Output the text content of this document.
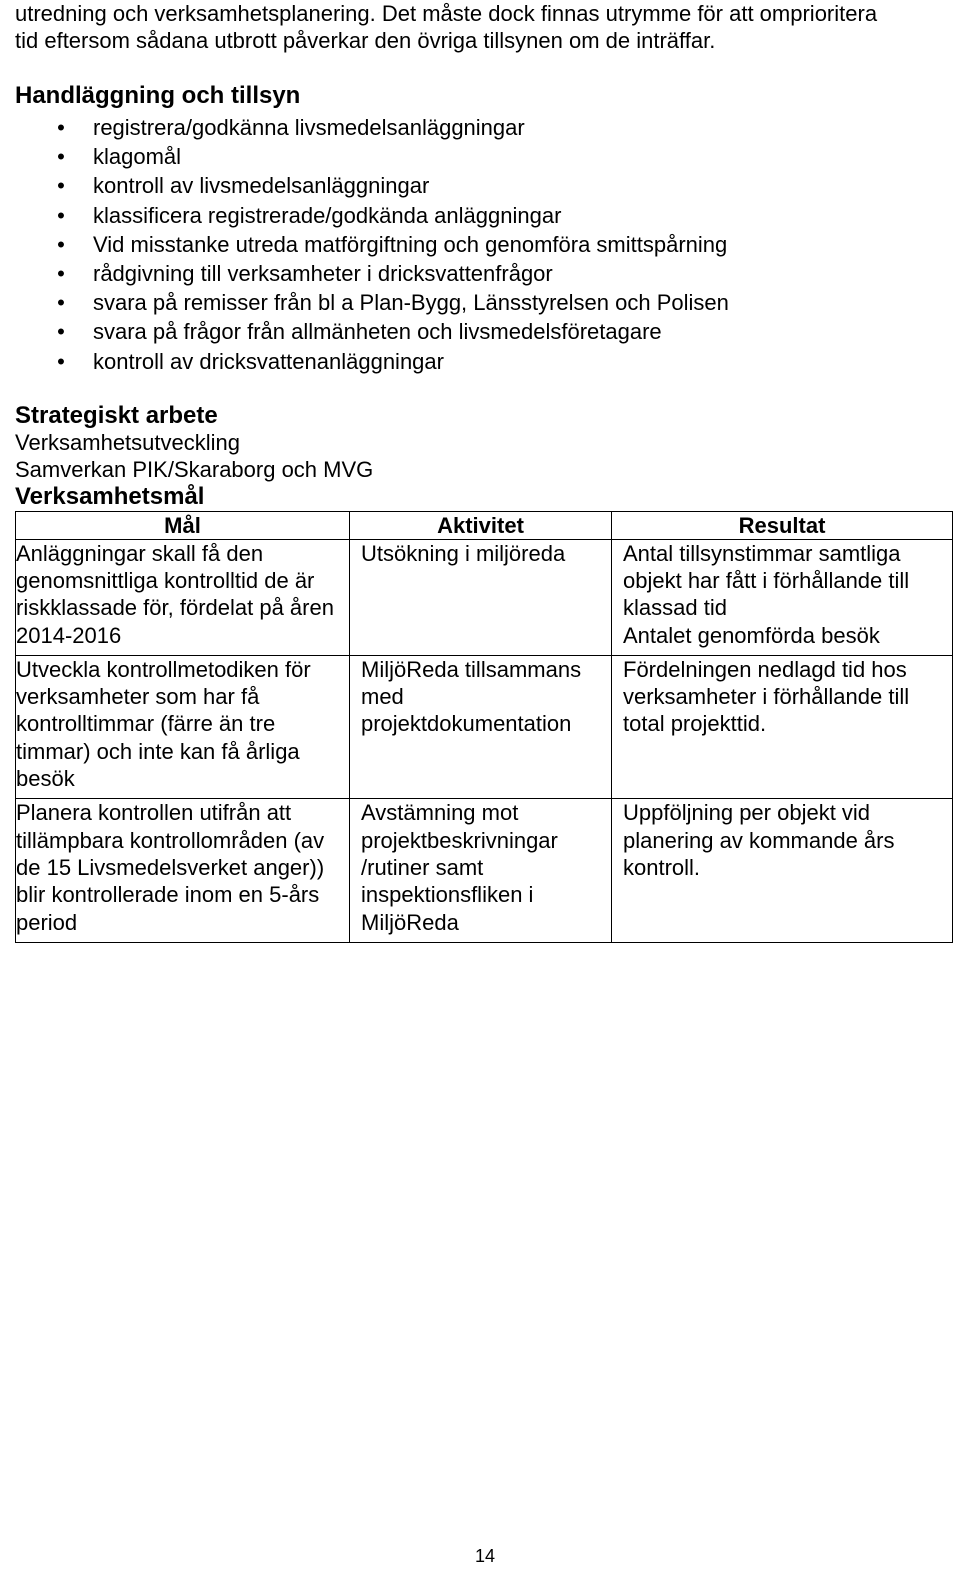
utredning och verksamhetsplanering. Det måste dock finnas utrymme för att omprioritera

tid eftersom sådana utbrott påverkar den övriga tillsynen om de inträffar.

Handläggning och tillsyn
• registrera/godkänna livsmedelsanläggningar
• klagomål
• kontroll av livsmedelsanläggningar
• klassificera registrerade/godkända anläggningar
• Vid misstanke utreda matförgiftning och genomföra smittspårning
• rådgivning till verksamheter i dricksvattenfrågor
• svara på remisser från bl a Plan-Bygg, Länsstyrelsen och Polisen
• svara på frågor från allmänheten och livsmedelsföretagare
• kontroll av dricksvattenanläggningar
Strategiskt arbete

Verksamhetsutveckling

Samverkan PIK/Skaraborg och MVG

Verksamhetsmål
Mål	Aktivitet	Resultat

Anläggningar skall få den genomsnittliga kontrolltid de är riskklassade för, fördelat på åren 2014-2016	Utsökning i miljöreda	Antal tillsynstimmar samtliga objekt har fått i förhållande till klassad tid
Antalet genomförda besök

Utveckla kontrollmetodiken för verksamheter som har få kontrolltimmar (färre än tre timmar) och inte kan få årliga besök	MiljöReda tillsammans med projektdokumentation	Fördelningen nedlagd tid hos verksamheter i förhållande till total projekttid.

Planera kontrollen utifrån att tillämpbara kontrollområden (av de 15 Livsmedelsverket anger)) blir kontrollerade inom en 5-års period	Avstämning mot projektbeskrivningar /rutiner samt inspektionsfliken i MiljöReda	Uppföljning per objekt vid planering av kommande års kontroll.
14
